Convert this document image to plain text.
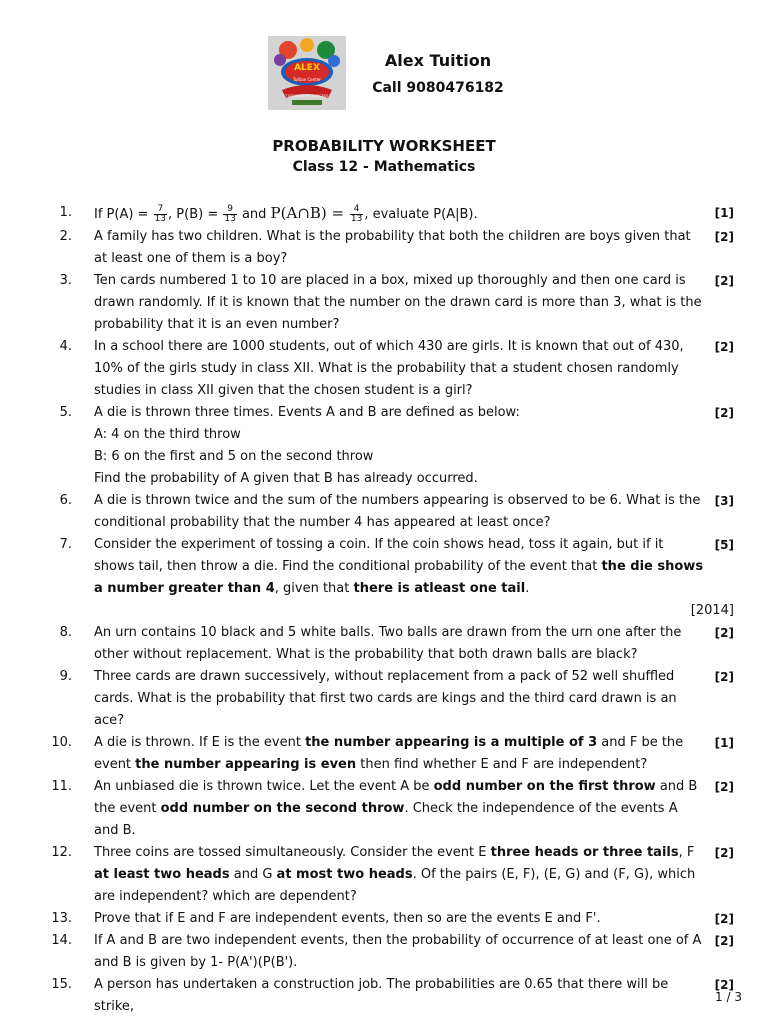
ALEX
Tuition Center
TUTORING TO SUCCESS
Alex Tuition
Call 9080476182

PROBABILITY WORKSHEET

Class 12 - Mathematics

1. If $P(A) = \frac{7}{13}$ , $P(B) = \frac{9}{13}$ and P(A∩B) = $\frac{4}{13}$ , evaluate P(A|B).	[1]
2. A family has two children. What is the probability that both the children are boys given that at least one of them is a boy?
[2]
3. Ten cards numbered 1 to 10 are placed in a box, mixed up thoroughly and then one card is drawn randomly. If it is known that the number on the drawn card is more than 3, what is the probability that it is an even number?
[2]
4. In a school there are 1000 students, out of which 430 are girls. It is known that out of 430, 10% of the girls study in class XII. What is the probability that a student chosen randomly studies in class XII given that the chosen student is a girl?
[2]
5. A die is thrown three times. Events A and B are defined as below:

A: 4 on the third throw

B: 6 on the first and 5 on the second throw

Find the probability of A given that B has already occurred.

[2]
6. A die is thrown twice and the sum of the numbers appearing is observed to be 6. What is the conditional probability that the number 4 has appeared at least once?
[3]
7. Consider the experiment of tossing a coin. If the coin shows head, toss it again, but if it shows tail, then throw a die. Find the conditional probability of the event that the die shows a number greater than 4, given that there is atleast one tail.
[5]
[2014]
8. An urn contains 10 black and 5 white balls. Two balls are drawn from the urn one after the other without replacement. What is the probability that both drawn balls are black?
[2]
9. Three cards are drawn successively, without replacement from a pack of 52 well shuffled cards. What is the probability that first two cards are kings and the third card drawn is an ace?
[2]
10. A die is thrown. If E is the event the number appearing is a multiple of 3 and F be the event the number appearing is even then find whether E and F are independent?
[1]
11. An unbiased die is thrown twice. Let the event A be odd number on the first throw and B the event odd number on the second throw. Check the independence of the events A and B.
[2]
12. Three coins are tossed simultaneously. Consider the event E three heads or three tails, F at least two heads and G at most two heads. Of the pairs (E, F), (E, G) and (F, G), which are independent? which are dependent?
[2]
13. Prove that if E and F are independent events, then so are the events E and F'.	[2]
14. If A and B are two independent events, then the probability of occurrence of at least one of A and B is given by 1- P(A')(P(B').
[2]
15. A person has undertaken a construction job. The probabilities are 0.65 that there will be strike,
[2]
1 / 3
